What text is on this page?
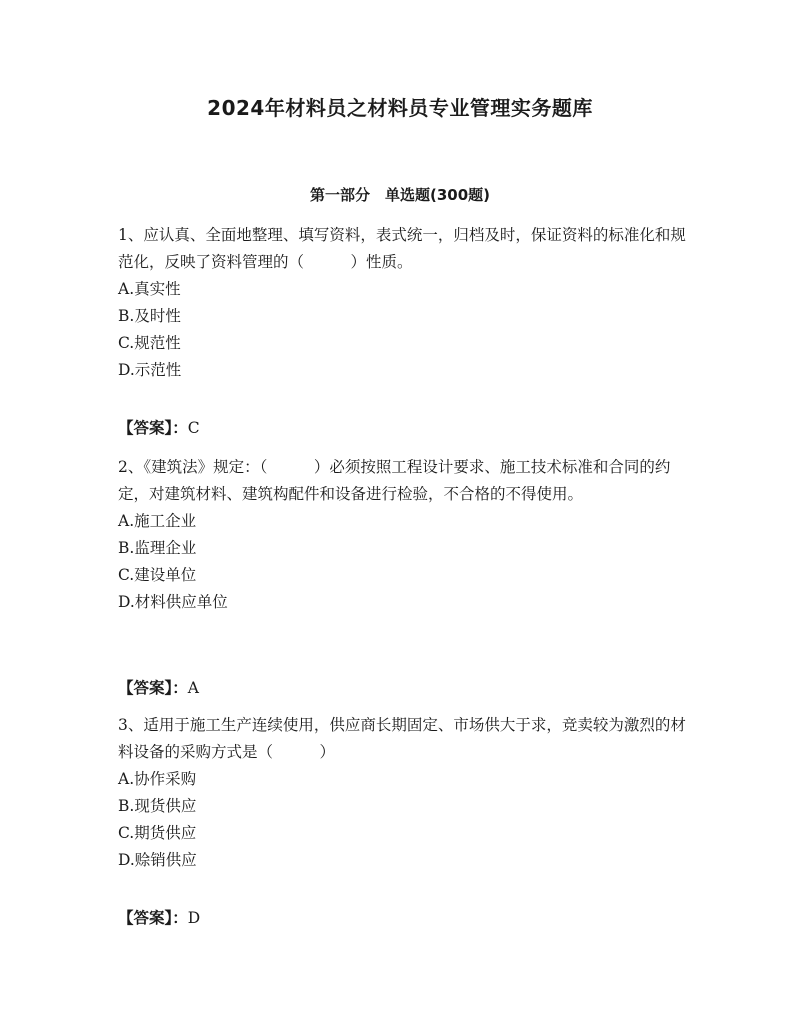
2024年材料员之材料员专业管理实务题库
第一部分　单选题(300题)

1、应认真、全面地整理、填写资料，表式统一，归档及时，保证资料的标准化和规范化，反映了资料管理的（　　　）性质。

A.真实性
B.及时性
C.规范性
D.示范性
【答案】：C

2、《建筑法》规定：（　　　）必须按照工程设计要求、施工技术标准和合同的约定，对建筑材料、建筑构配件和设备进行检验，不合格的不得使用。

A.施工企业
B.监理企业
C.建设单位
D.材料供应单位
【答案】：A

3、适用于施工生产连续使用，供应商长期固定、市场供大于求，竞卖较为激烈的材料设备的采购方式是（　　　）

A.协作采购
B.现货供应
C.期货供应
D.赊销供应
【答案】：D
